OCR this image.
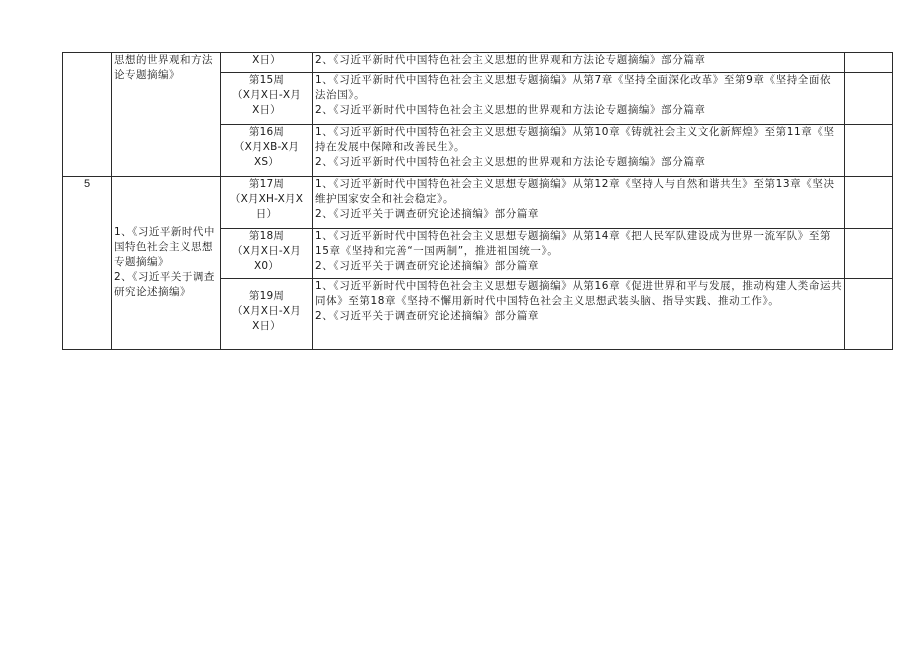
	思想的世界观和方法
论专题摘编》	X日）	2、《习近平新时代中国特色社会主义思想的世界观和方法论专题摘编》部分篇章	

		第15周
（X月X日-X月
X日）	1、《习近平新时代中国特色社会主义思想专题摘编》从第7章《坚持全面深化改革》至第9章《坚持全面依
法治国》。
2、《习近平新时代中国特色社会主义思想的世界观和方法论专题摘编》部分篇章	

		第16周
（X月XB-X月
XS）	1、《习近平新时代中国特色社会主义思想专题摘编》从第10章《铸就社会主义文化新辉煌》至第11章《坚
持在发展中保障和改善民生》。
2、《习近平新时代中国特色社会主义思想的世界观和方法论专题摘编》部分篇章	

5	1、《习近平新时代中
国特色社会主义思想
专题摘编》
2、《习近平关于调查
研究论述摘编》	第17周
（X月XH-X月X
日）	1、《习近平新时代中国特色社会主义思想专题摘编》从第12章《坚持人与自然和谐共生》至第13章《坚决
维护国家安全和社会稳定》。
2、《习近平关于调查研究论述摘编》部分篇章	

		第18周
（X月X日-X月
X0）	1、《习近平新时代中国特色社会主义思想专题摘编》从第14章《把人民军队建设成为世界一流军队》至第
15章《坚持和完善“一国两制”，推进祖国统一》。
2、《习近平关于调查研究论述摘编》部分篇章	

		第19周
（X月X日-X月
X日）	1、《习近平新时代中国特色社会主义思想专题摘编》从第16章《促进世界和平与发展，推动构建人类命运共
同体》至第18章《坚持不懈用新时代中国特色社会主义思想武装头脑、指导实践、推动工作》。
2、《习近平关于调查研究论述摘编》部分篇章	
